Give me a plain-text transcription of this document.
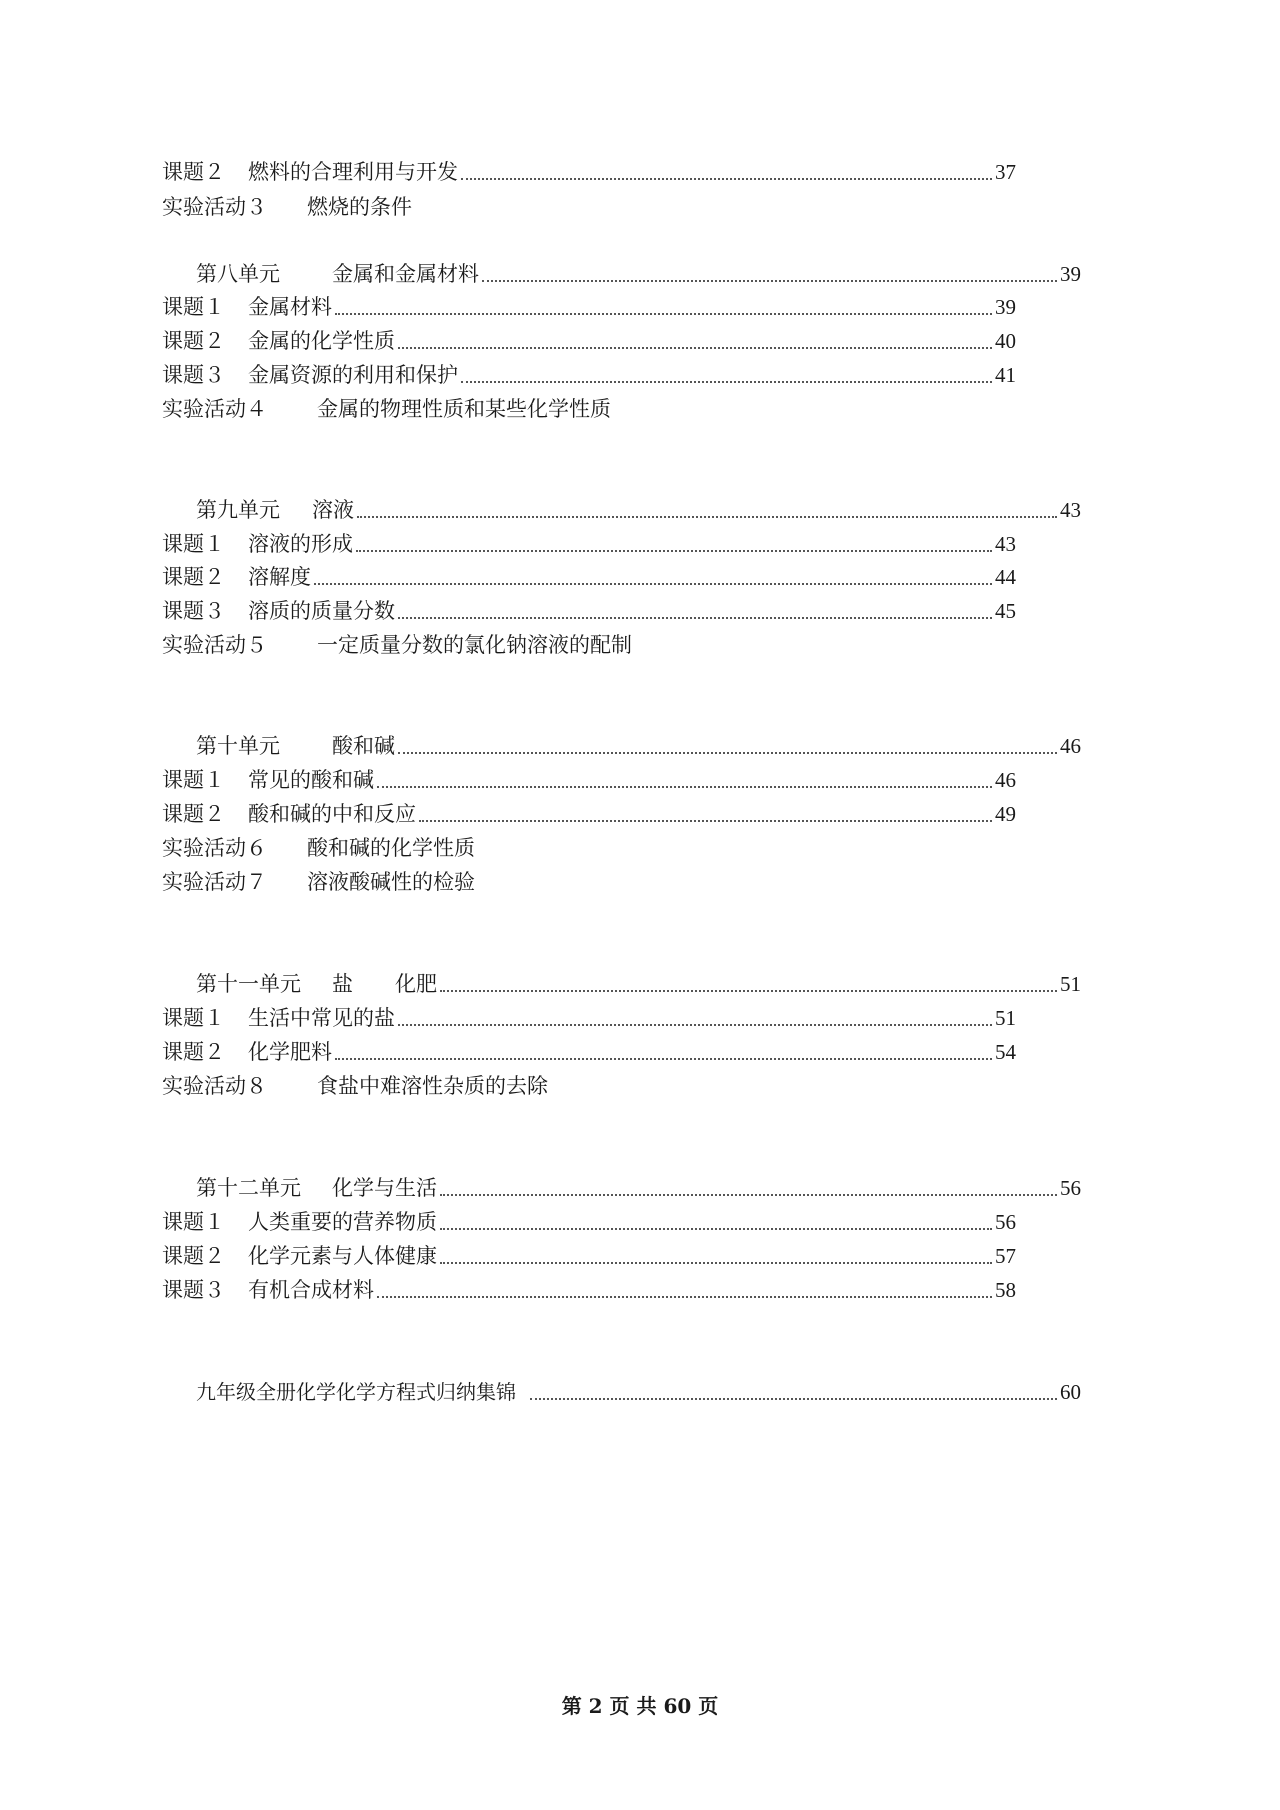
课题２	燃料的合理利用与开发	37
实验活动３	燃烧的条件
第八单元	金属和金属材料	39
课题１	金属材料	39
课题２	金属的化学性质	40
课题３	金属资源的利用和保护	41
实验活动４	金属的物理性质和某些化学性质
第九单元	溶液	43
课题１	溶液的形成	43
课题２	溶解度	44
课题３	溶质的质量分数	45
实验活动５	一定质量分数的氯化钠溶液的配制
第十单元	酸和碱	46
课题１	常见的酸和碱	46
课题２	酸和碱的中和反应	49
实验活动６	酸和碱的化学性质
实验活动７	溶液酸碱性的检验
第十一单元	盐　　化肥	51
课题１	生活中常见的盐	51
课题２	化学肥料	54
实验活动８	食盐中难溶性杂质的去除
第十二单元	化学与生活	56
课题１	人类重要的营养物质	56
课题２	化学元素与人体健康	57
课题３	有机合成材料	58
九年级全册化学化学方程式归纳集锦	60
第 2 页 共 60 页
